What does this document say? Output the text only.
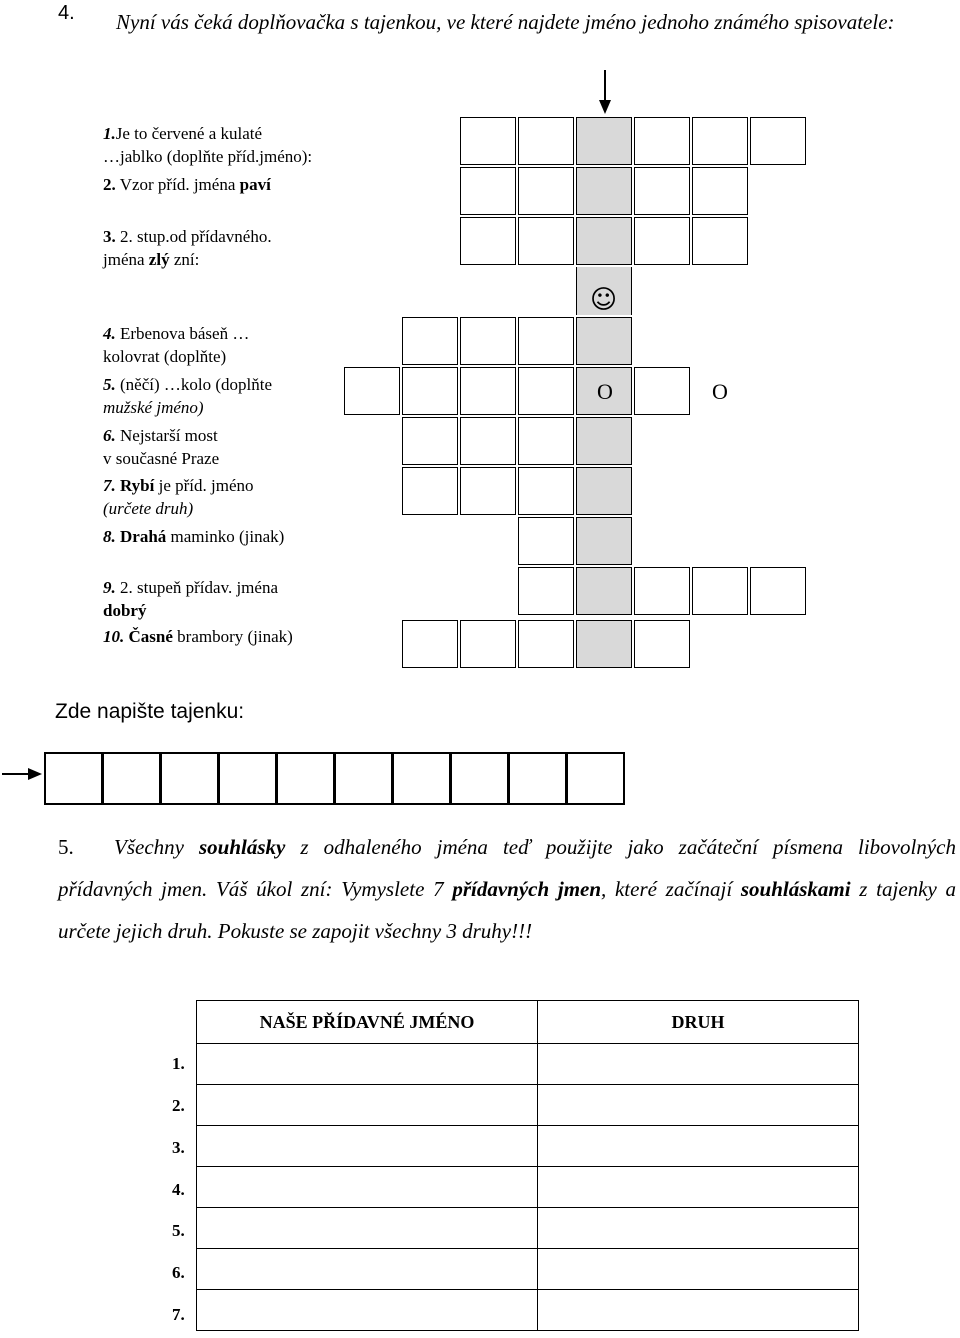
4. Nyní vás čeká doplňovačka s tajenkou, ve které najdete jméno jednoho známého spisovatele:
1.Je to červené a kulaté
…jablko (doplňte příd.jméno):
2. Vzor příd. jména paví
3. 2. stup.od přídavného.
jména zlý zní:
4. Erbenova báseň …
kolovrat (doplňte)
5. (něčí) …kolo (doplňte
mužské jméno)
6. Nejstarší most
v současné Praze
7. Rybí je příd. jméno
(určete druh)
8. Drahá maminko (jinak)
9. 2. stupeň přídav. jména
dobrý
10. Časné brambory (jinak)
☺
O	O
Zde napište tajenku:
5. Všechny souhlásky z odhaleného jména teď použijte jako začáteční písmena libovolných přídavných jmen. Váš úkol zní: Vymyslete 7 přídavných jmen, které začínají souhláskami z tajenky a určete jejich druh. Pokuste se zapojit všechny 3 druhy!!!
NAŠE PŘÍDAVNÉ JMÉNO	DRUH

1.
2.
3.
4.
5.
6.
7.
